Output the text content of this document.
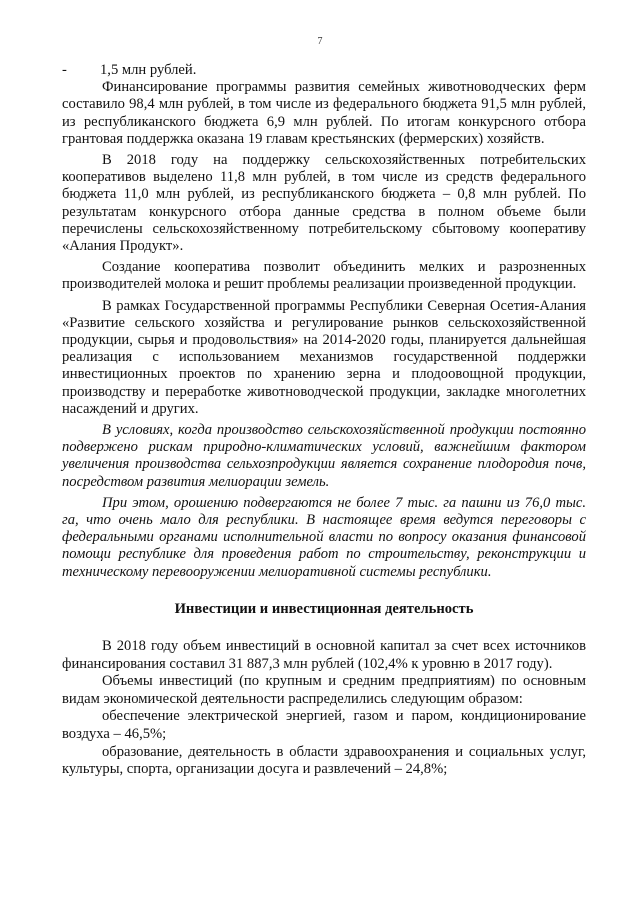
7
-	1,5 млн рублей.

Финансирование программы развития семейных животноводческих ферм составило 98,4 млн рублей, в том числе из федерального бюджета 91,5 млн рублей, из республиканского бюджета 6,9 млн рублей. По итогам конкурсного отбора грантовая поддержка оказана 19 главам крестьянских (фермерских) хозяйств.

В 2018 году на поддержку сельскохозяйственных потребительских кооперативов выделено 11,8 млн рублей, в том числе из средств федерального бюджета 11,0 млн рублей, из республиканского бюджета – 0,8 млн рублей. По результатам конкурсного отбора данные средства в полном объеме были перечислены сельскохозяйственному потребительскому сбытовому кооперативу «Алания Продукт».

Создание кооператива позволит объединить мелких и разрозненных производителей молока и решит проблемы реализации произведенной продукции.

В рамках Государственной программы Республики Северная Осетия-Алания «Развитие сельского хозяйства и регулирование рынков сельскохозяйственной продукции, сырья и продовольствия» на 2014-2020 годы, планируется дальнейшая реализация с использованием механизмов государственной поддержки инвестиционных проектов по хранению зерна и плодоовощной продукции, производству и переработке животноводческой продукции, закладке многолетних насаждений и других.

В условиях, когда производство сельскохозяйственной продукции постоянно подвержено рискам природно-климатических условий, важнейшим фактором увеличения производства сельхозпродукции является сохранение плодородия почв, посредством развития мелиорации земель.

При этом, орошению подвергаются не более 7 тыс. га пашни из 76,0 тыс. га, что очень мало для республики. В настоящее время ведутся переговоры с федеральными органами исполнительной власти по вопросу оказания финансовой помощи республике для проведения работ по строительству, реконструкции и техническому перевооружении мелиоративной системы республики.

Инвестиции и инвестиционная деятельность

В 2018 году объем инвестиций в основной капитал за счет всех источников финансирования составил 31 887,3 млн рублей (102,4% к уровню в 2017 году).

Объемы инвестиций (по крупным и средним предприятиям) по основным видам экономической деятельности распределились следующим образом:

обеспечение электрической энергией, газом и паром, кондиционирование воздуха – 46,5%;

образование, деятельность в области здравоохранения и социальных услуг, культуры, спорта, организации досуга и развлечений – 24,8%;
